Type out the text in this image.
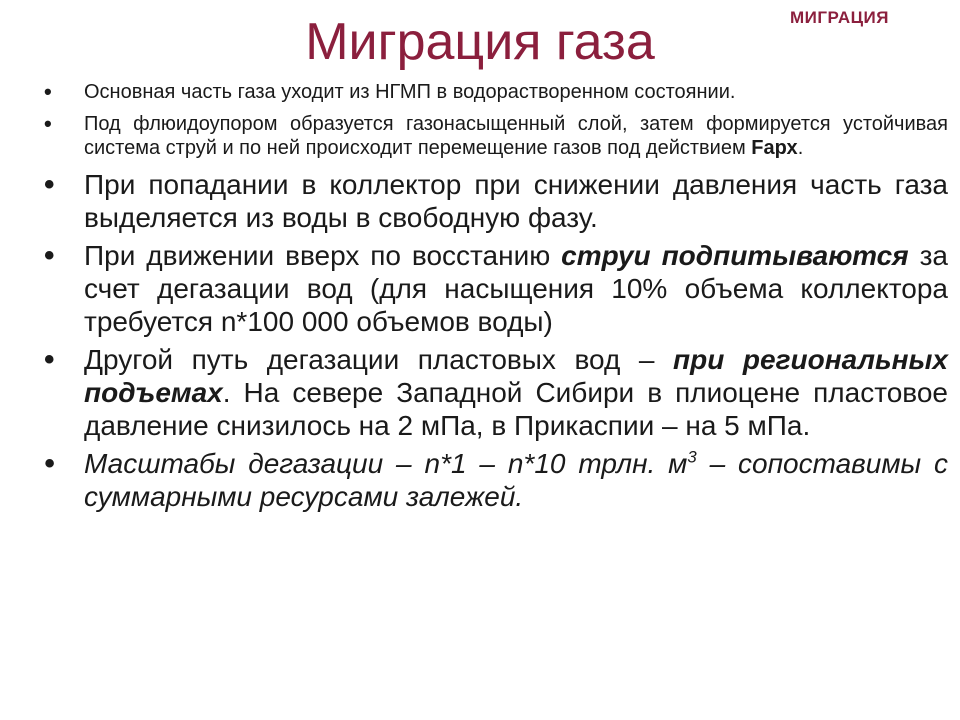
МИГРАЦИЯ
Миграция газа
• Основная часть газа уходит из НГМП в водорастворенном состоянии.
• Под флюидоупором образуется газонасыщенный слой, затем формируется устойчивая система струй и по ней происходит перемещение газов под действием Fарх.
• При попадании в коллектор при снижении давления часть газа выделяется из воды в свободную фазу.
• При движении вверх по восстанию струи подпитываются за счет дегазации вод (для насыщения 10% объема коллектора требуется n*100 000 объемов воды)
• Другой путь дегазации пластовых вод – при региональных подъемах. На севере Западной Сибири в плиоцене пластовое давление снизилось на 2 мПа, в Прикаспии – на 5 мПа.
• Масштабы дегазации – n*1 – n*10 трлн. $м^3$ – сопоставимы с суммарными ресурсами залежей.
